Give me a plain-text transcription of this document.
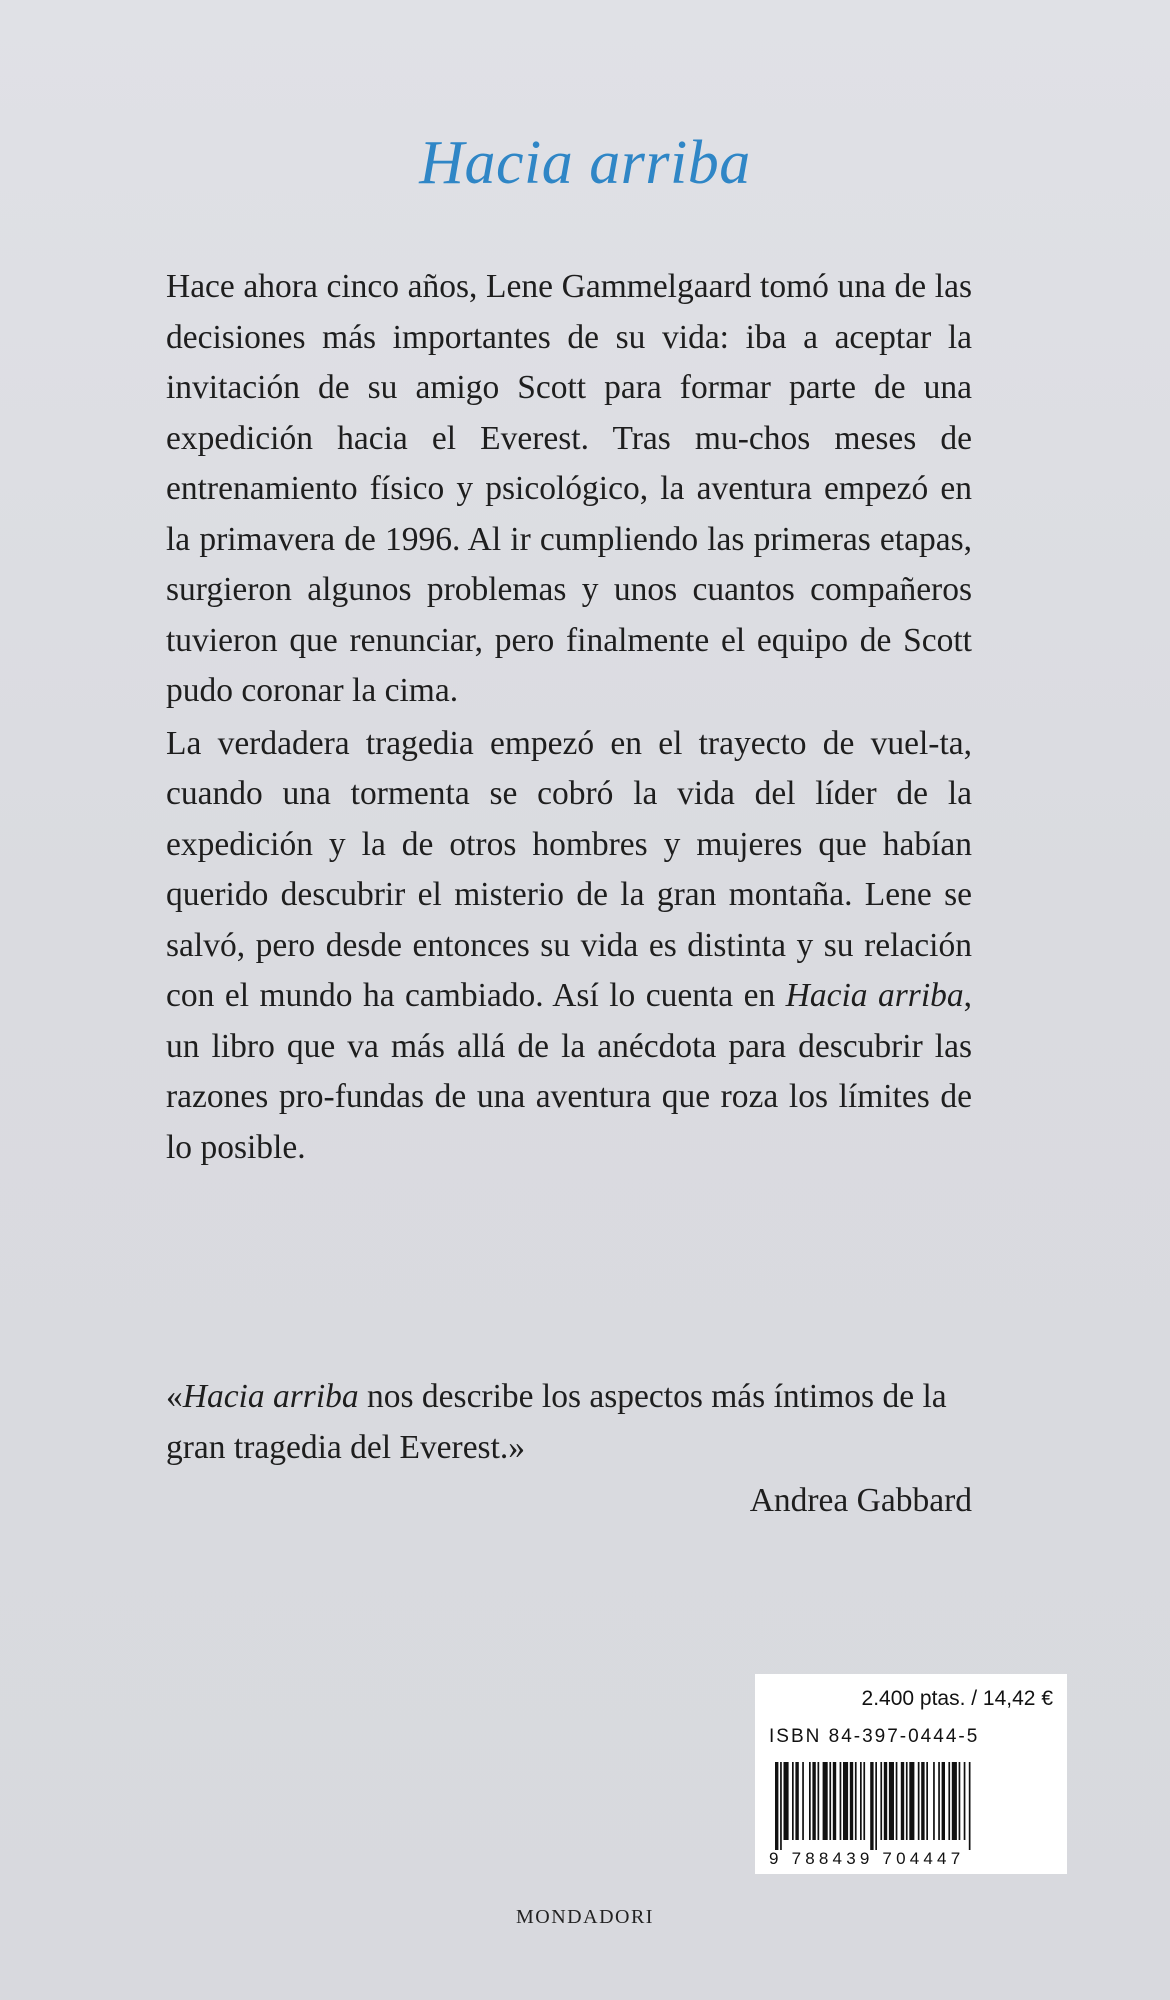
Hacia arriba

Hace ahora cinco años, Lene Gammelgaard tomó una de las decisiones más importantes de su vida: iba a aceptar la invitación de su amigo Scott para formar parte de una expedición hacia el Everest. Tras mu-chos meses de entrenamiento físico y psicológico, la aventura empezó en la primavera de 1996. Al ir cumpliendo las primeras etapas, surgieron algunos problemas y unos cuantos compañeros tuvieron que renunciar, pero finalmente el equipo de Scott pudo coronar la cima.

La verdadera tragedia empezó en el trayecto de vuel-ta, cuando una tormenta se cobró la vida del líder de la expedición y la de otros hombres y mujeres que habían querido descubrir el misterio de la gran montaña. Lene se salvó, pero desde entonces su vida es distinta y su relación con el mundo ha cambiado. Así lo cuenta en Hacia arriba, un libro que va más allá de la anécdota para descubrir las razones pro-fundas de una aventura que roza los límites de lo posible.

«Hacia arriba nos describe los aspectos más íntimos de la gran tragedia del Everest.»
Andrea Gabbard
2.400 ptas. / 14,42 €
ISBN 84-397-0444-5
9 788439 704447
MONDADORI
